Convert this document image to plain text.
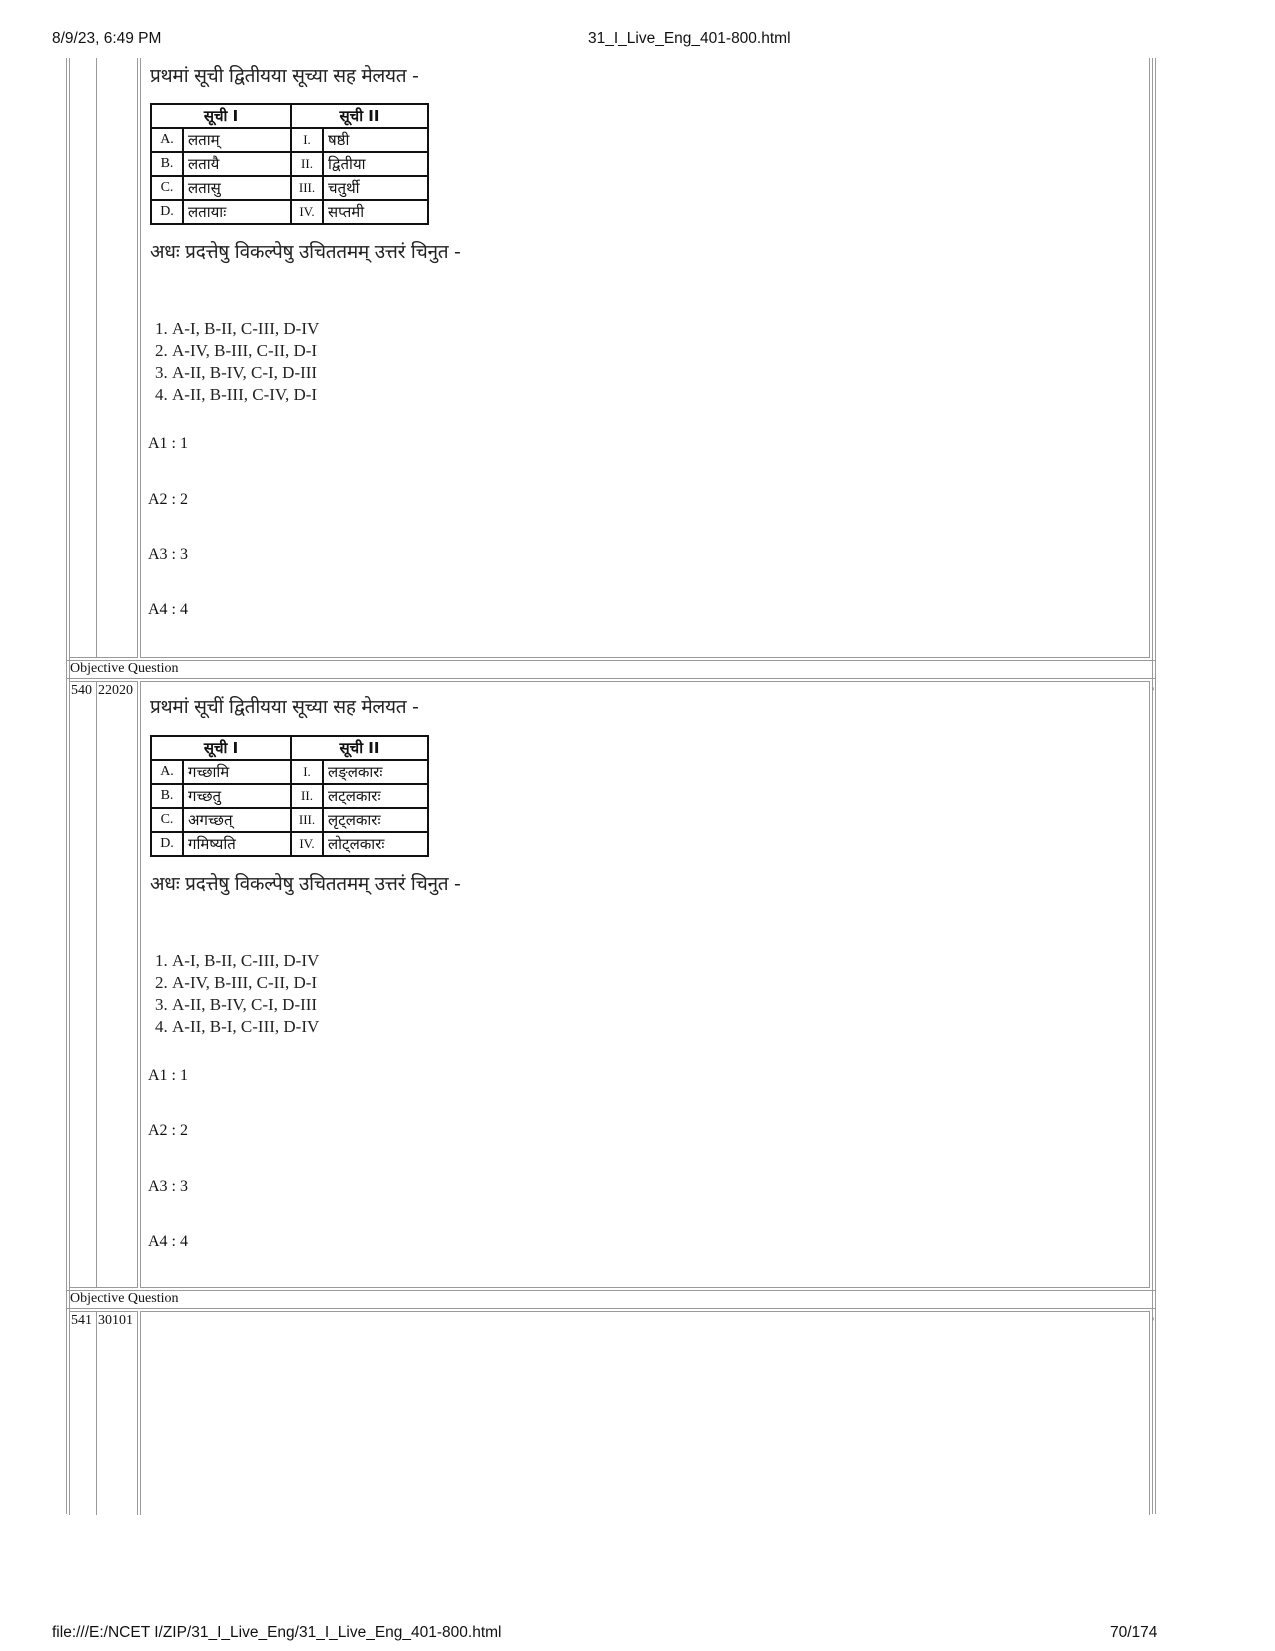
8/9/23, 6:49 PM	31_I_Live_Eng_401-800.html
प्रथमां सूची द्वितीयया सूच्या सह मेलयत -
सूची I		सूची II	
A.	लताम्	I.	षष्ठी
B.	लतायै	II.	द्वितीया
C.	लतासु	III.	चतुर्थी
D.	लतायाः	IV.	सप्तमी
अधः प्रदत्तेषु विकल्पेषु उचिततमम् उत्तरं चिनुत -
1. A-I, B-II, C-III, D-IV
2. A-IV, B-III, C-II, D-I
3. A-II, B-IV, C-I, D-III
4. A-II, B-III, C-IV, D-I
A1 : 1
A2 : 2
A3 : 3
A4 : 4
Objective Question
540 22020	‹
प्रथमां सूचीं द्वितीयया सूच्या सह मेलयत -
सूची I		सूची II	
A.	गच्छामि	I.	लङ्लकारः
B.	गच्छतु	II.	लट्लकारः
C.	अगच्छत्	III.	लृट्लकारः
D.	गमिष्यति	IV.	लोट्लकारः
अधः प्रदत्तेषु विकल्पेषु उचिततमम् उत्तरं चिनुत -
1. A-I, B-II, C-III, D-IV
2. A-IV, B-III, C-II, D-I
3. A-II, B-IV, C-I, D-III
4. A-II, B-I, C-III, D-IV
A1 : 1
A2 : 2
A3 : 3
A4 : 4
Objective Question
541 30101	‹
file:///E:/NCET I/ZIP/31_I_Live_Eng/31_I_Live_Eng_401-800.html	70/174
